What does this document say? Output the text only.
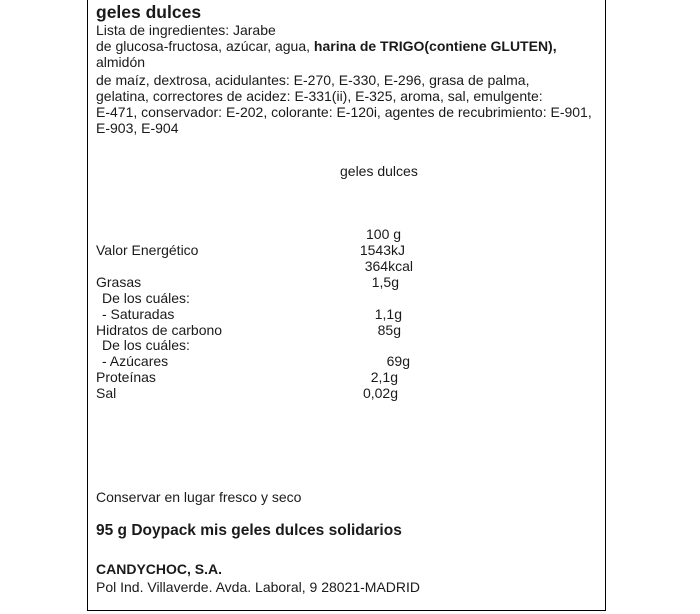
geles dulces
Lista de ingredientes: Jarabe
de glucosa-fructosa, azúcar, agua, harina de TRIGO(contiene GLUTEN),
almidón
de maíz, dextrosa, acidulantes: E-270, E-330, E-296, grasa de palma,
gelatina, correctores de acidez: E-331(ii), E-325, aroma, sal, emulgente:
E-471, conservador: E-202, colorante: E-120i, agentes de recubrimiento: E-901,
E-903, E-904
geles dulces
100 g
Valor Energético	1543kJ
364kcal
Grasas	1,5g
De los cuáles:
- Saturadas	1,1g
Hidratos de carbono	85g
De los cuáles:
- Azúcares	69g
Proteínas	2,1g
Sal	0,02g
Conservar en lugar fresco y seco
95 g Doypack mis geles dulces solidarios
CANDYCHOC, S.A.
Pol Ind. Villaverde. Avda. Laboral, 9 28021-MADRID
